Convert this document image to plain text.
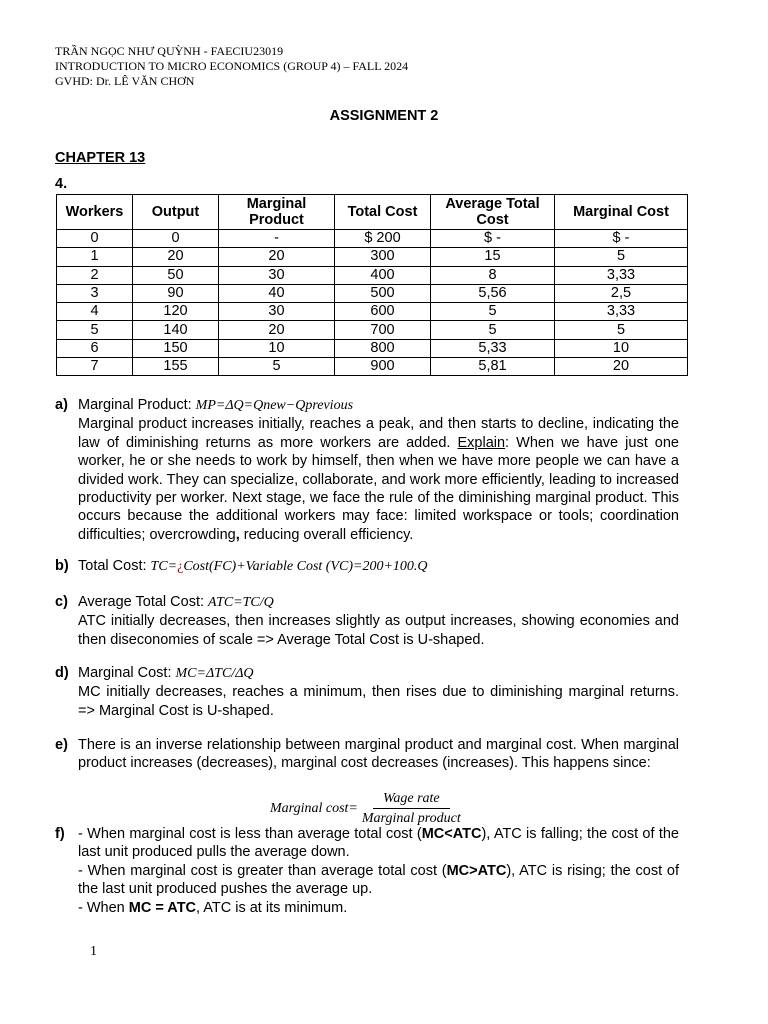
TRẦN NGỌC NHƯ QUỲNH - FAECIU23019
INTRODUCTION TO MICRO ECONOMICS (GROUP 4) – FALL 2024
GVHD: Dr. LÊ VĂN CHƠN
ASSIGNMENT 2
CHAPTER 13
4.
Workers	Output	Marginal Product	Total Cost	Average Total Cost	Marginal Cost
0	0	-	$ 200	$ -	$ -
1	20	20	300	15	5
2	50	30	400	8	3,33
3	90	40	500	5,56	2,5
4	120	30	600	5	3,33
5	140	20	700	5	5
6	150	10	800	5,33	10
7	155	5	900	5,81	20
a) Marginal Product: MP=ΔQ=Qnew−Qprevious
Marginal product increases initially, reaches a peak, and then starts to decline, indicating the law of diminishing returns as more workers are added. Explain: When we have just one worker, he or she needs to work by himself, then when we have more people we can have a divided work. They can specialize, collaborate, and work more efficiently, leading to increased productivity per worker. Next stage, we face the rule of the diminishing marginal product. This occurs because the additional workers may face: limited workspace or tools; coordination difficulties; overcrowding, reducing overall efficiency.
b) Total Cost: TC=¿Cost(FC)+Variable Cost (VC)=200+100.Q
c) Average Total Cost: ATC=TC/Q
ATC initially decreases, then increases slightly as output increases, showing economies and then diseconomies of scale => Average Total Cost is U-shaped.
d) Marginal Cost: MC=ΔTC/ΔQ
MC initially decreases, reaches a minimum, then rises due to diminishing marginal returns. => Marginal Cost is U-shaped.
e) There is an inverse relationship between marginal product and marginal cost. When marginal product increases (decreases), marginal cost decreases (increases). This happens since:
Marginal $\cos t= \frac{\text{Wage rate}}{\text{Marginal product}}$
f) - When marginal cost is less than average total cost (MC<ATC), ATC is falling; the cost of the last unit produced pulls the average down.
- When marginal cost is greater than average total cost (MC>ATC), ATC is rising; the cost of the last unit produced pushes the average up.
- When MC = ATC, ATC is at its minimum.
1
